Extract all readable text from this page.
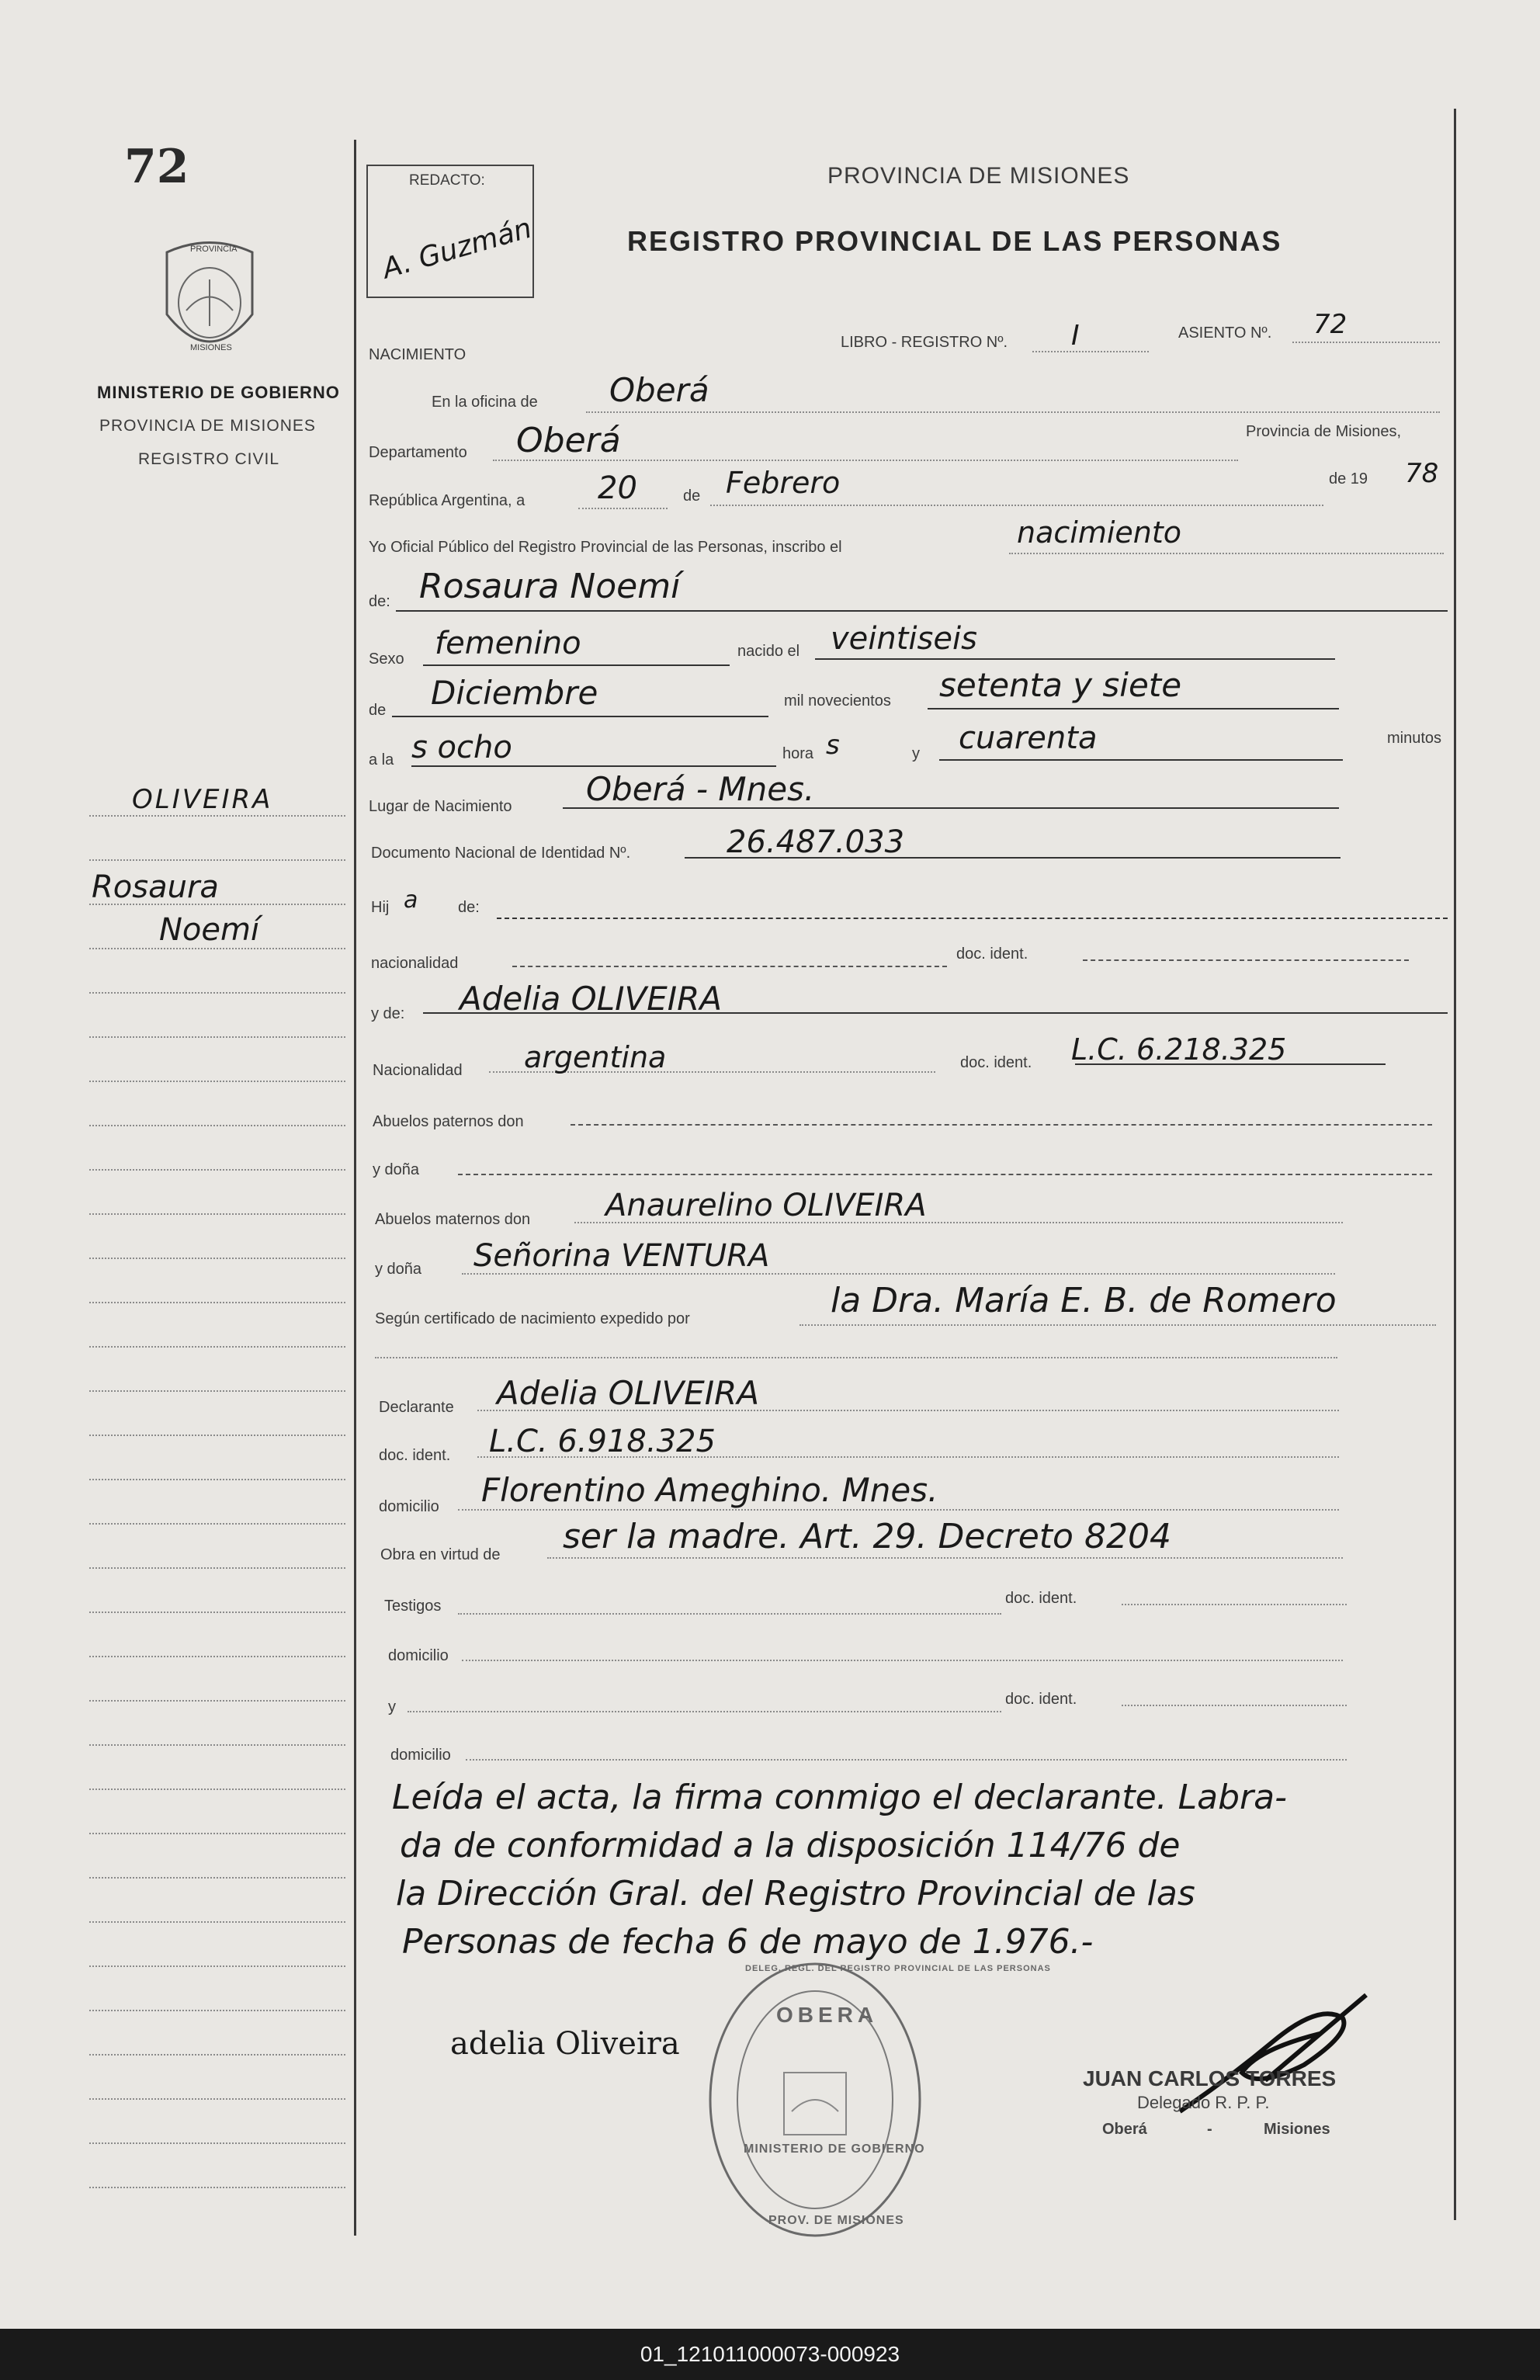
72
PROVINCIA
MISIONES
MINISTERIO DE GOBIERNO
PROVINCIA DE MISIONES
REGISTRO CIVIL
OLIVEIRA
Rosaura
Noemí
REDACTO:
A. Guzmán
PROVINCIA DE MISIONES
REGISTRO PROVINCIAL DE LAS PERSONAS
NACIMIENTO
LIBRO - REGISTRO Nº. I	ASIENTO Nº. 72
En la oficina de Oberá
Departamento Oberá	Provincia de Misiones,
República Argentina, a 20	de Febrero	de 19 78
Yo Oficial Público del Registro Provincial de las Personas, inscribo el	nacimiento
de: Rosaura Noemí
Sexo femenino	nacido el veintiseis
de Diciembre	mil novecientos setenta y siete
a la s ocho	hora s	y cuarenta	minutos
Lugar de Nacimiento Oberá - Mnes.
Documento Nacional de Identidad Nº.	26.487.033
Hij a	de:
nacionalidad
doc. ident.
y de: Adelia OLIVEIRA
Nacionalidad argentina	doc. ident. L.C. 6.218.325
Abuelos paternos don
y doña
Abuelos maternos don Anaurelino OLIVEIRA
y doña Señorina VENTURA
Según certificado de nacimiento expedido por	la Dra. María E. B. de Romero
Declarante Adelia OLIVEIRA
doc. ident. L.C. 6.918.325
domicilio Florentino Ameghino. Mnes.
Obra en virtud de ser la madre. Art. 29. Decreto 8204
Testigos	doc. ident.
domicilio
y	doc. ident.
domicilio
Leída el acta, la firma conmigo el declarante. Labra-
da de conformidad a la disposición 114/76 de
la Dirección Gral. del Registro Provincial de las
Personas de fecha 6 de mayo de 1.976.-
adelia Oliveira
OBERA
DELEG. REGL. DEL REGISTRO PROVINCIAL DE LAS PERSONAS
MINISTERIO DE GOBIERNO
PROV. DE MISIONES
JUAN CARLOS TORRES
Delegado R. P. P.
Oberá	-	Misiones
01_121011000073-000923
